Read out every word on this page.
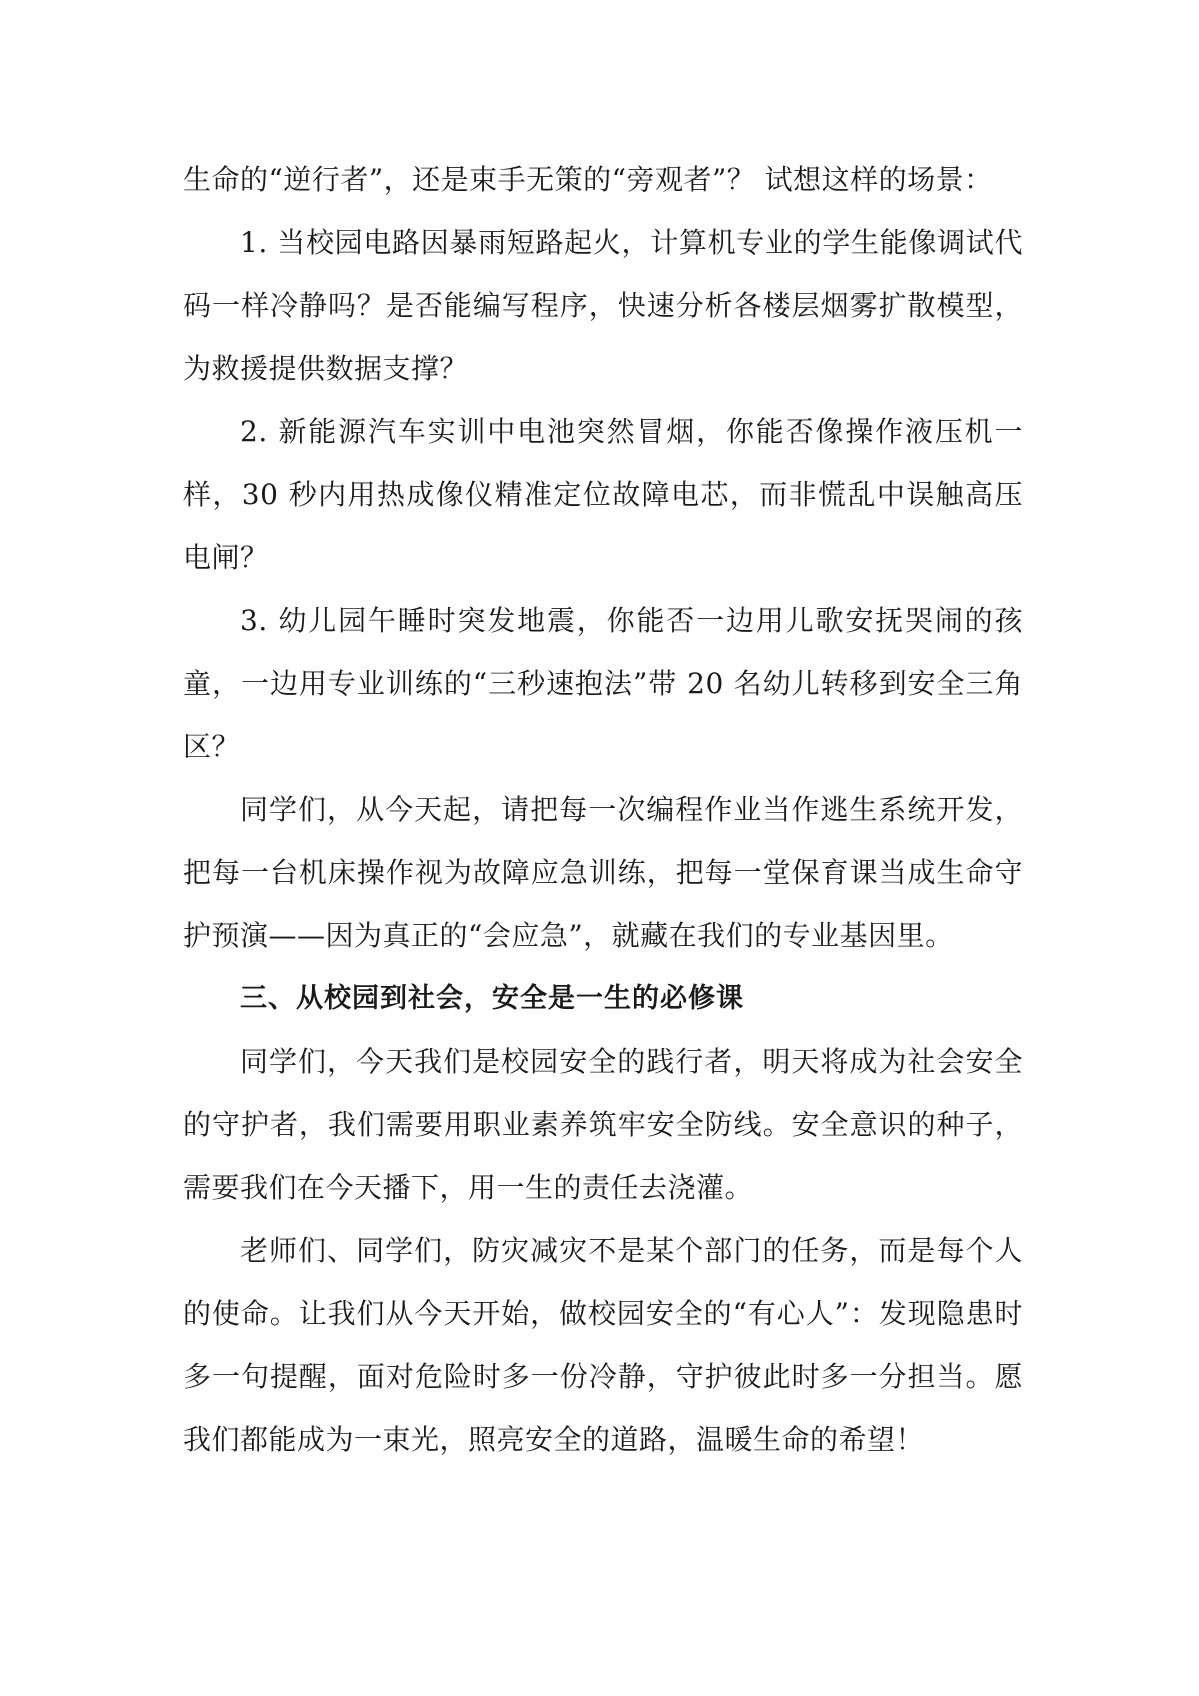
生命的“逆行者”，还是束手无策的“旁观者”？ 试想这样的场景：

1. 当校园电路因暴雨短路起火，计算机专业的学生能像调试代码一样冷静吗？是否能编写程序，快速分析各楼层烟雾扩散模型，为救援提供数据支撑？

2. 新能源汽车实训中电池突然冒烟，你能否像操作液压机一样，30 秒内用热成像仪精准定位故障电芯，而非慌乱中误触高压电闸？

3. 幼儿园午睡时突发地震，你能否一边用儿歌安抚哭闹的孩童，一边用专业训练的“三秒速抱法”带 20 名幼儿转移到安全三角区？

同学们，从今天起，请把每一次编程作业当作逃生系统开发，把每一台机床操作视为故障应急训练，把每一堂保育课当成生命守护预演——因为真正的“会应急”，就藏在我们的专业基因里。

三、从校园到社会，安全是一生的必修课

同学们，今天我们是校园安全的践行者，明天将成为社会安全的守护者，我们需要用职业素养筑牢安全防线。安全意识的种子，需要我们在今天播下，用一生的责任去浇灌。

老师们、同学们，防灾减灾不是某个部门的任务，而是每个人的使命。让我们从今天开始，做校园安全的“有心人”：发现隐患时多一句提醒，面对危险时多一份冷静，守护彼此时多一分担当。愿我们都能成为一束光，照亮安全的道路，温暖生命的希望！
